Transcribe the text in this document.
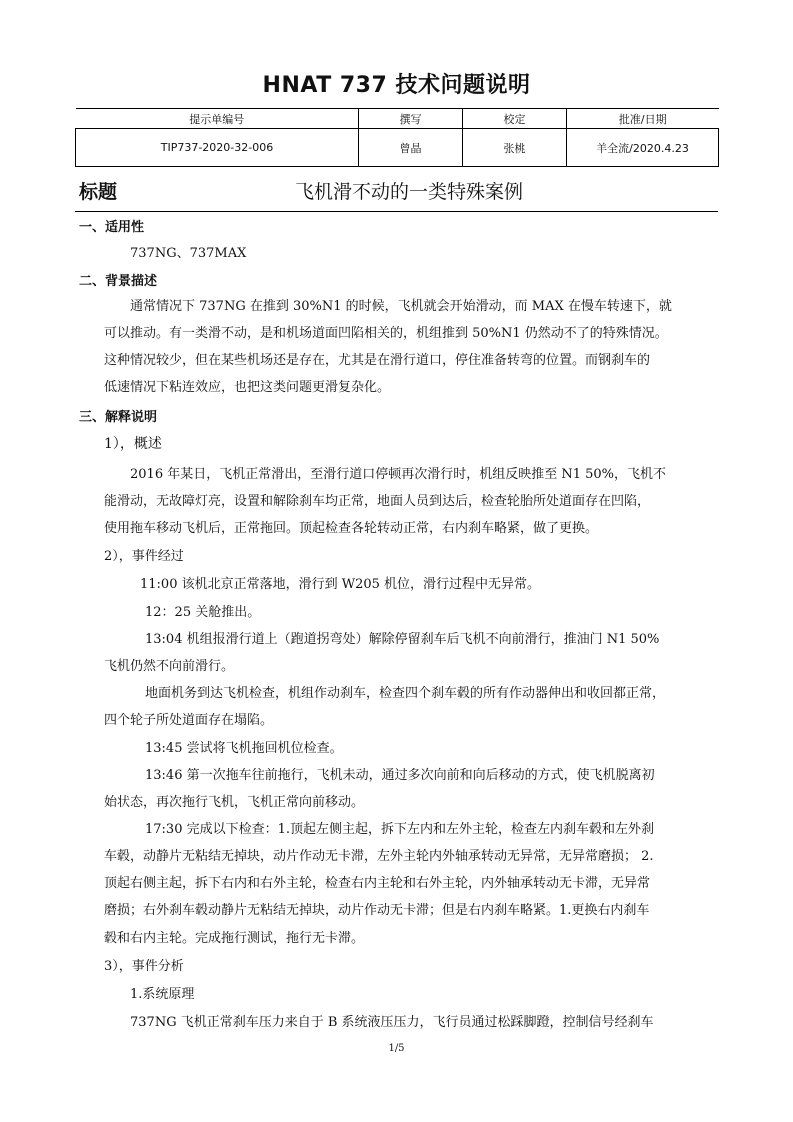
HNAT 737 技术问题说明
提示单编号	撰写	校定	批准/日期
TIP737-2020-32-006	曾晶	张桃	羊全流/2020.4.23
标题	飞机滑不动的一类特殊案例
一、适用性
737NG、737MAX
二、背景描述
通常情况下 737NG 在推到 30%N1 的时候，飞机就会开始滑动，而 MAX 在慢车转速下，就
可以推动。有一类滑不动，是和机场道面凹陷相关的，机组推到 50%N1 仍然动不了的特殊情况。
这种情况较少，但在某些机场还是存在，尤其是在滑行道口，停住准备转弯的位置。而钢刹车的
低速情况下粘连效应，也把这类问题更滑复杂化。
三、解释说明
1），概述
2016 年某日，飞机正常滑出，至滑行道口停顿再次滑行时，机组反映推至 N1 50%，飞机不
能滑动，无故障灯亮，设置和解除刹车均正常，地面人员到达后，检查轮胎所处道面存在凹陷，
使用拖车移动飞机后，正常拖回。顶起检查各轮转动正常，右内刹车略紧，做了更换。
2），事件经过
11:00 该机北京正常落地，滑行到 W205 机位，滑行过程中无异常。
12：25 关舱推出。
13:04 机组报滑行道上（跑道拐弯处）解除停留刹车后飞机不向前滑行，推油门 N1 50%
飞机仍然不向前滑行。
地面机务到达飞机检查，机组作动刹车，检查四个刹车毂的所有作动器伸出和收回都正常，
四个轮子所处道面存在塌陷。
13:45 尝试将飞机拖回机位检查。
13:46 第一次拖车往前拖行，飞机未动，通过多次向前和向后移动的方式，使飞机脱离初
始状态，再次拖行飞机，飞机正常向前移动。
17:30 完成以下检查：1.顶起左侧主起，拆下左内和左外主轮，检查左内刹车毂和左外刹
车毂，动静片无粘结无掉块，动片作动无卡滞，左外主轮内外轴承转动无异常，无异常磨损； 2.
顶起右侧主起，拆下右内和右外主轮，检查右内主轮和右外主轮，内外轴承转动无卡滞，无异常
磨损；右外刹车毂动静片无粘结无掉块，动片作动无卡滞；但是右内刹车略紧。1.更换右内刹车
毂和右内主轮。完成拖行测试，拖行无卡滞。
3），事件分析
1.系统原理
737NG 飞机正常刹车压力来自于 B 系统液压压力，飞行员通过松踩脚蹬，控制信号经刹车
1/5
